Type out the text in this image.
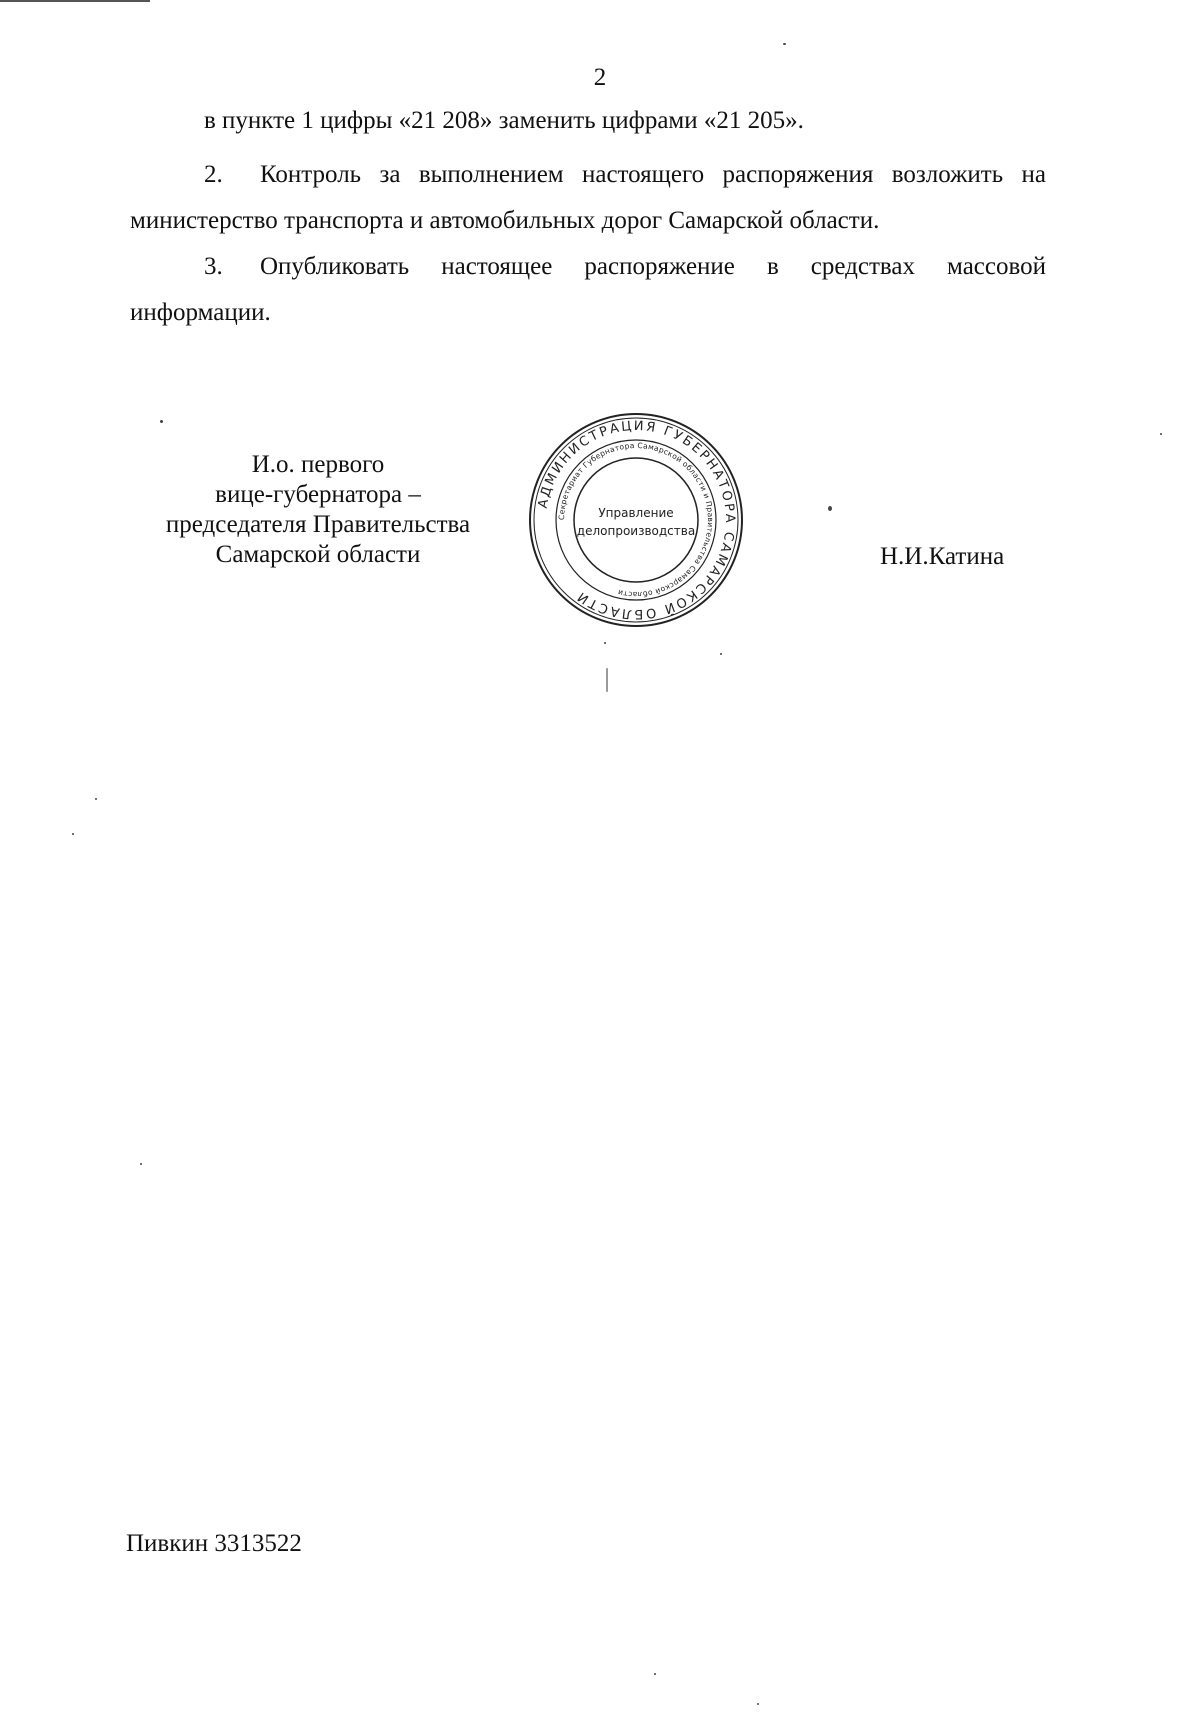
2

в пункте 1 цифры «21 208» заменить цифрами «21 205».

2. Контроль за выполнением настоящего распоряжения возложить на министерство транспорта и автомобильных дорог Самарской области.

3. Опубликовать настоящее распоряжение в средствах массовой информации.

И.о. первого
вице-губернатора –
председателя Правительства
Самарской области
АДМИНИСТРАЦИЯ ГУБЕРНАТОРА САМАРСКОЙ ОБЛАСТИ
Секретариат Губернатора Самарской области и Правительства Самарской области
Управление
делопроизводства
Н.И.Катина
Пивкин 3313522
